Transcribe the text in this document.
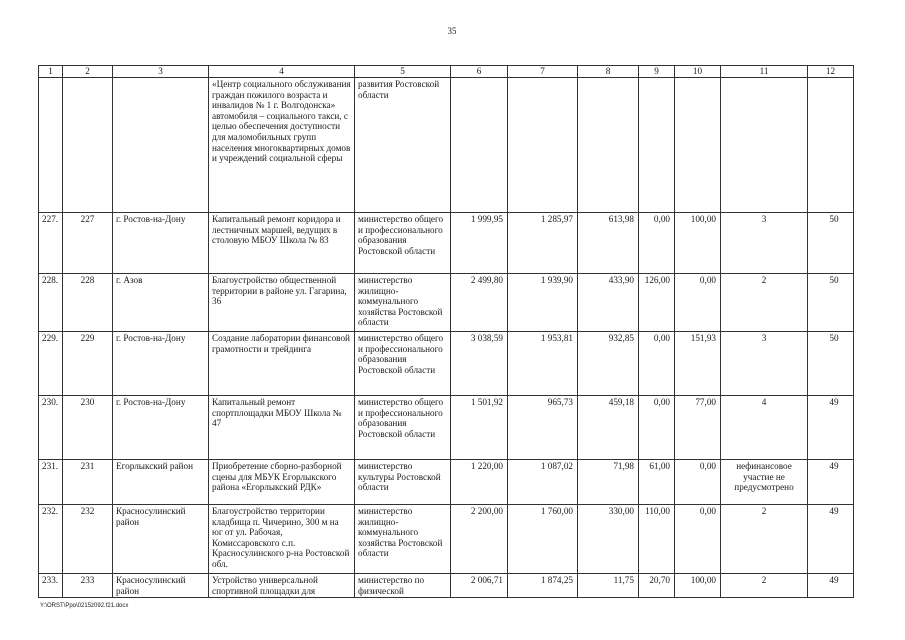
35
1	2	3	4	5	6	7	8	9	10	11	12
			«Центр социального обслуживания граждан пожилого возраста и инвалидов № 1 г. Волгодонска» автомобиля – социального такси, с целью обеспечения доступности для маломобильных групп населения многоквартирных домов и учреждений социальной сферы	развития Ростовской области							
227.	227	г. Ростов-на-Дону	Капитальный ремонт коридора и лестничных маршей, ведущих в столовую МБОУ Школа № 83	министерство общего и профессионального образования Ростовской области	1 999,95	1 285,97	613,98	0,00	100,00	3	50
228.	228	г. Азов	Благоустройство общественной территории в районе ул. Гагарина, 36	министерство жилищно-коммунального хозяйства Ростовской области	2 499,80	1 939,90	433,90	126,00	0,00	2	50
229.	229	г. Ростов-на-Дону	Создание лаборатории финансовой грамотности и трейдинга	министерство общего и профессионального образования Ростовской области	3 038,59	1 953,81	932,85	0,00	151,93	3	50
230.	230	г. Ростов-на-Дону	Капитальный ремонт спортплощадки МБОУ Школа № 47	министерство общего и профессионального образования Ростовской области	1 501,92	965,73	459,18	0,00	77,00	4	49
231.	231	Егорлыкский район	Приобретение сборно-разборной сцены для МБУК Егорлыкского района «Егорлыкский РДК»	министерство культуры Ростовской области	1 220,00	1 087,02	71,98	61,00	0,00	нефинансовое участие не предусмотрено	49
232.	232	Красносулинский район	Благоустройство территории кладбища п. Чичерино, 300 м на юг от ул. Рабочая, Комиссаровского с.п. Красносулинского р-на Ростовской обл.	министерство жилищно-коммунального хозяйства Ростовской области	2 200,00	1 760,00	330,00	110,00	0,00	2	49
233.	233	Красносулинский район	Устройство универсальной спортивной площадки для	министерство по физической	2 006,71	1 874,25	11,75	20,70	100,00	2	49
Y:\ORST\Ppo\0215z092.f21.docx
